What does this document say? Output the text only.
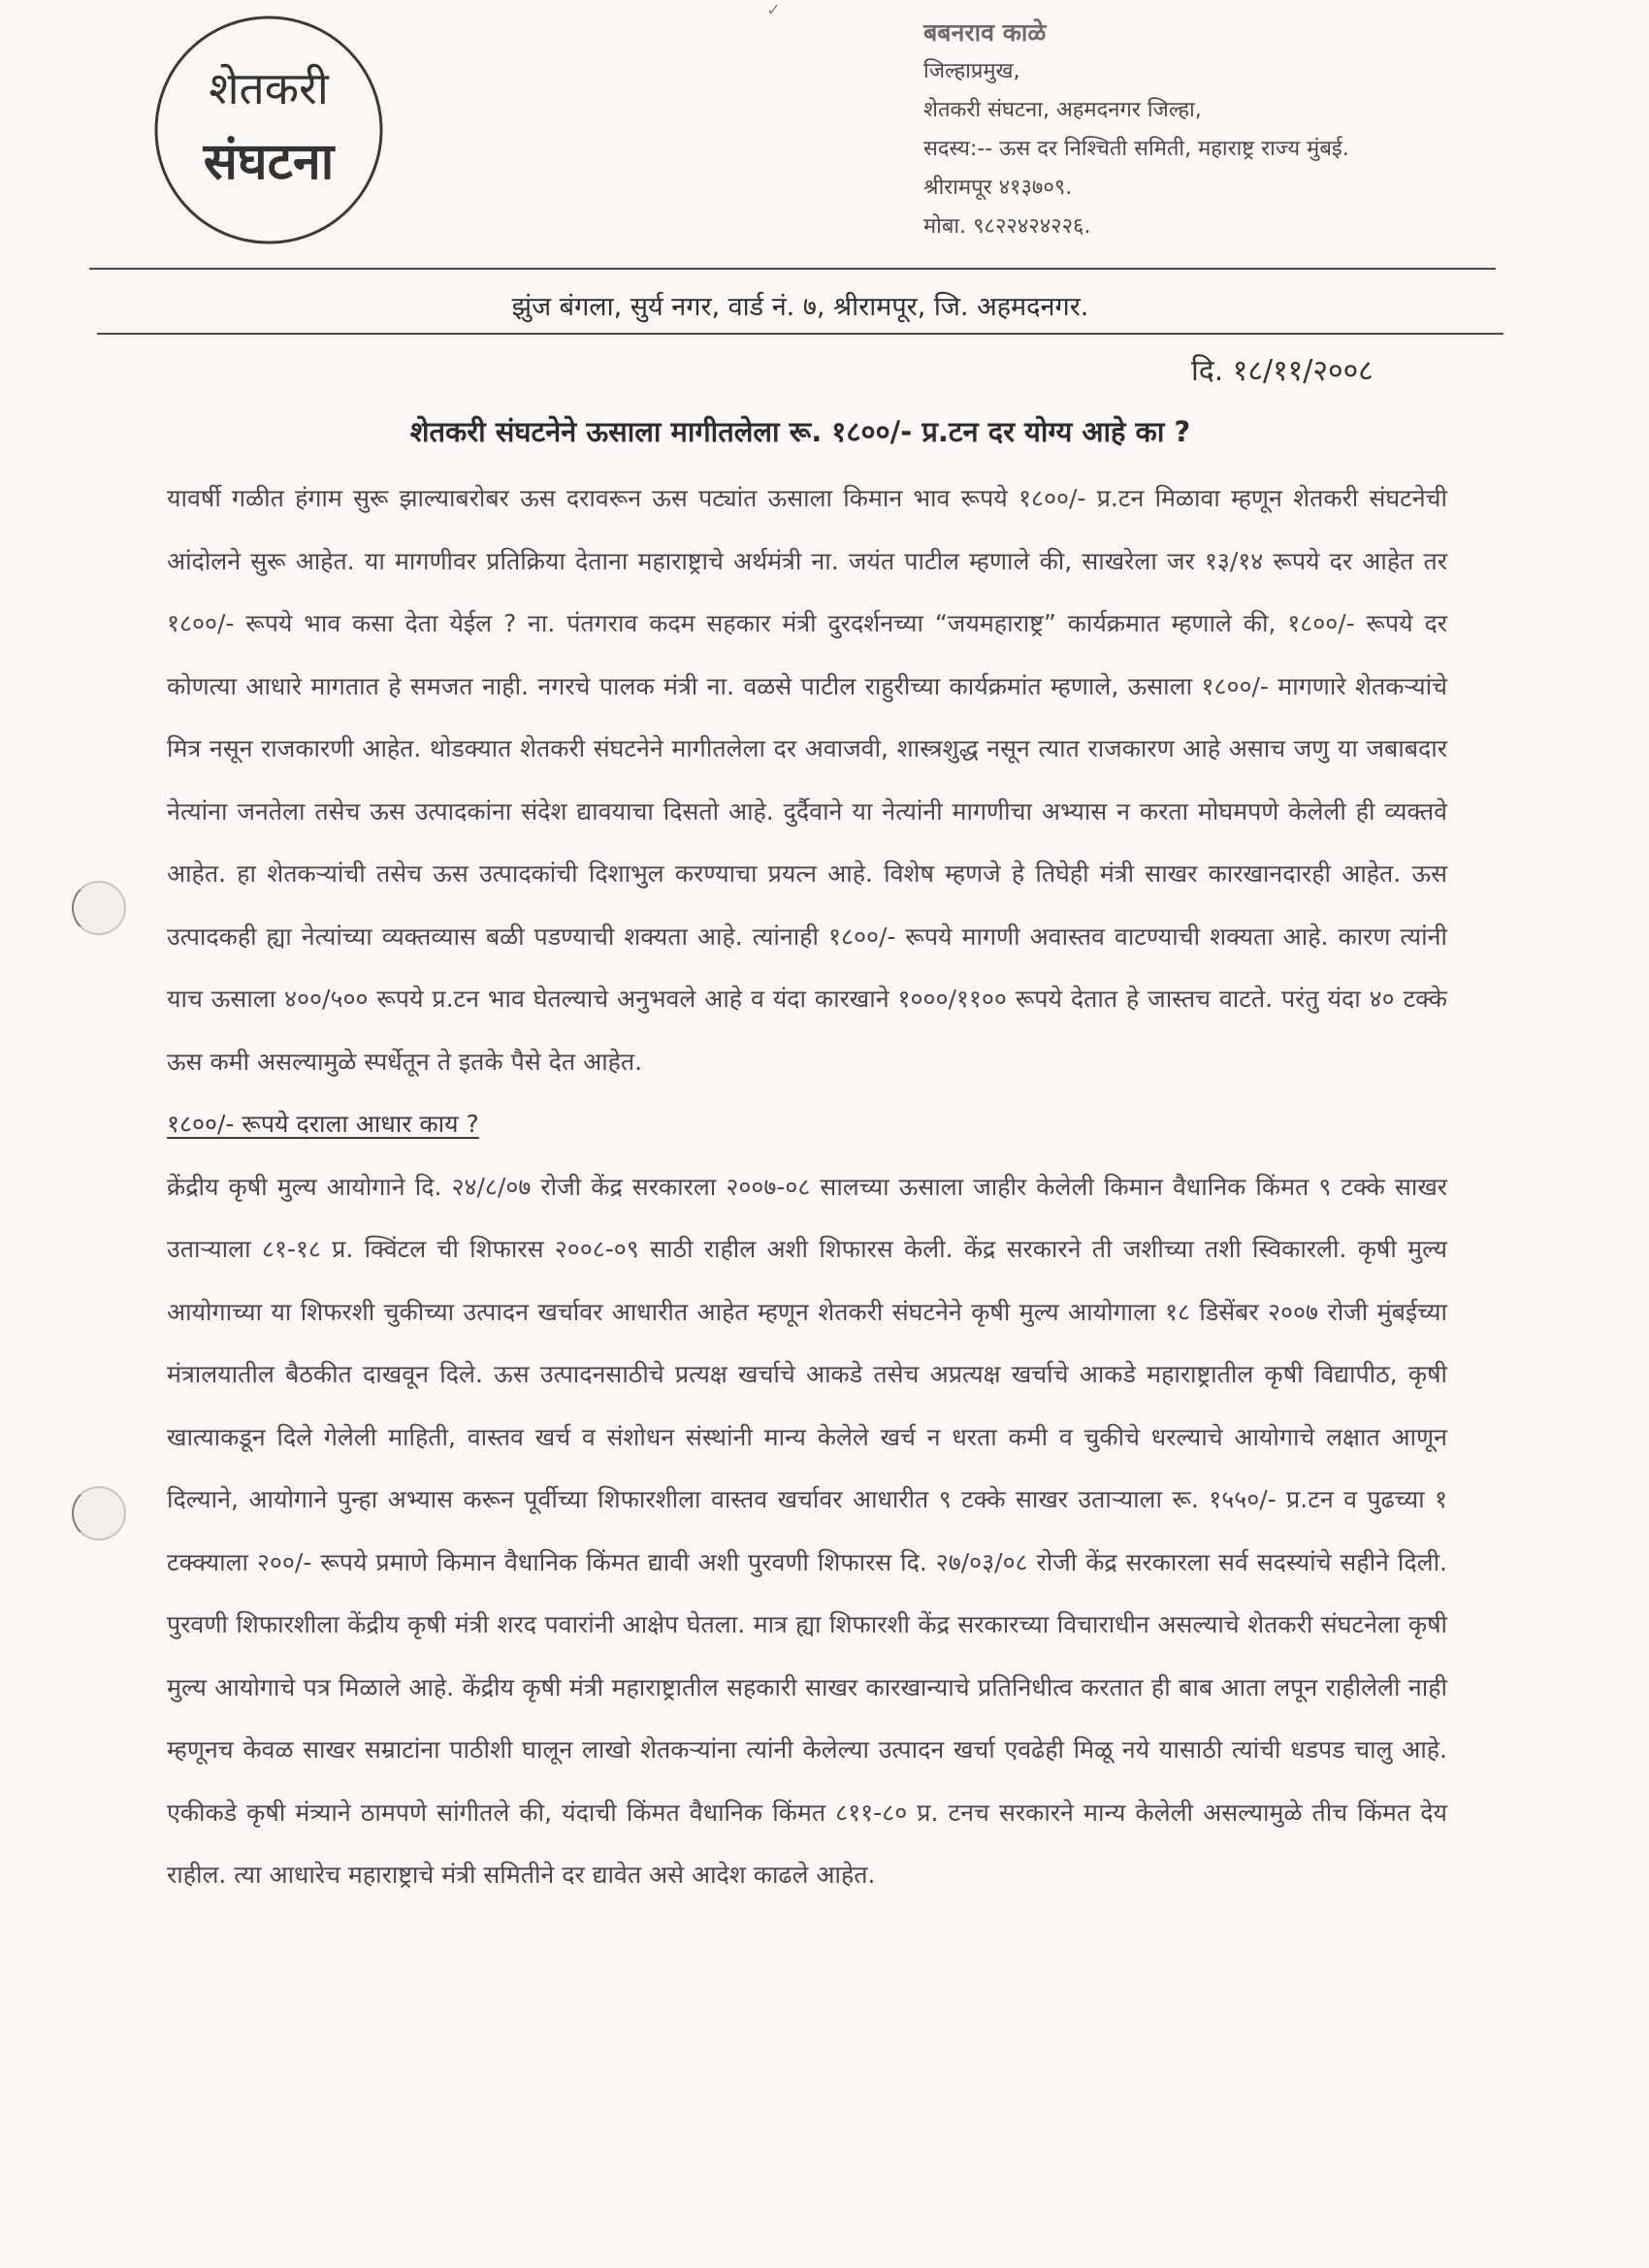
✓
शेतकरी
संघटना
बबनराव काळे
जिल्हाप्रमुख,
शेतकरी संघटना, अहमदनगर जिल्हा,
सदस्य:-- ऊस दर निश्चिती समिती, महाराष्ट्र राज्य मुंबई.
श्रीरामपूर ४१३७०९.
मोबा. ९८२२४२४२२६.
झुंज बंगला, सुर्य नगर, वार्ड नं. ७, श्रीरामपूर, जि. अहमदनगर.
दि. १८/११/२००८
शेतकरी संघटनेने ऊसाला मागीतलेला रू. १८००/- प्र.टन दर योग्य आहे का ?

यावर्षी गळीत हंगाम सुरू झाल्याबरोबर ऊस दरावरून ऊस पट्यांत ऊसाला किमान भाव रूपये १८००/- प्र.टन मिळावा म्हणून शेतकरी संघटनेची आंदोलने सुरू आहेत. या मागणीवर प्रतिक्रिया देताना महाराष्ट्राचे अर्थमंत्री ना. जयंत पाटील म्हणाले की, साखरेला जर १३/१४ रूपये दर आहेत तर १८००/- रूपये भाव कसा देता येईल ? ना. पंतगराव कदम सहकार मंत्री दुरदर्शनच्या “जयमहाराष्ट्र” कार्यक्रमात म्हणाले की, १८००/- रूपये दर कोणत्या आधारे मागतात हे समजत नाही. नगरचे पालक मंत्री ना. वळसे पाटील राहुरीच्या कार्यक्रमांत म्हणाले, ऊसाला १८००/- मागणारे शेतकऱ्यांचे मित्र नसून राजकारणी आहेत. थोडक्यात शेतकरी संघटनेने मागीतलेला दर अवाजवी, शास्त्रशुद्ध नसून त्यात राजकारण आहे असाच जणु या जबाबदार नेत्यांना जनतेला तसेच ऊस उत्पादकांना संदेश द्यावयाचा दिसतो आहे. दुर्दैवाने या नेत्यांनी मागणीचा अभ्यास न करता मोघमपणे केलेली ही व्यक्तवे आहेत. हा शेतकऱ्यांची तसेच ऊस उत्पादकांची दिशाभुल करण्याचा प्रयत्न आहे. विशेष म्हणजे हे तिघेही मंत्री साखर कारखानदारही आहेत. ऊस उत्पादकही ह्या नेत्यांच्या व्यक्तव्यास बळी पडण्याची शक्यता आहे. त्यांनाही १८००/- रूपये मागणी अवास्तव वाटण्याची शक्यता आहे. कारण त्यांनी याच ऊसाला ४००/५०० रूपये प्र.टन भाव घेतल्याचे अनुभवले आहे व यंदा कारखाने १०००/११०० रूपये देतात हे जास्तच वाटते. परंतु यंदा ४० टक्के ऊस कमी असल्यामुळे स्पर्धेतून ते इतके पैसे देत आहेत.

१८००/- रूपये दराला आधार काय ?

क्रेंद्रीय कृषी मुल्य आयोगाने दि. २४/८/०७ रोजी केंद्र सरकारला २००७-०८ सालच्या ऊसाला जाहीर केलेली किमान वैधानिक किंमत ९ टक्के साखर उताऱ्याला ८१-१८ प्र. क्विंटल ची शिफारस २००८-०९ साठी राहील अशी शिफारस केली. केंद्र सरकारने ती जशीच्या तशी स्विकारली. कृषी मुल्य आयोगाच्या या शिफरशी चुकीच्या उत्पादन खर्चावर आधारीत आहेत म्हणून शेतकरी संघटनेने कृषी मुल्य आयोगाला १८ डिसेंबर २००७ रोजी मुंबईच्या मंत्रालयातील बैठकीत दाखवून दिले. ऊस उत्पादनसाठीचे प्रत्यक्ष खर्चाचे आकडे तसेच अप्रत्यक्ष खर्चाचे आकडे महाराष्ट्रातील कृषी विद्यापीठ, कृषी खात्याकडून दिले गेलेली माहिती, वास्तव खर्च व संशोधन संस्थांनी मान्य केलेले खर्च न धरता कमी व चुकीचे धरल्याचे आयोगाचे लक्षात आणून दिल्याने, आयोगाने पुन्हा अभ्यास करून पूर्वीच्या शिफारशीला वास्तव खर्चावर आधारीत ९ टक्के साखर उताऱ्याला रू. १५५०/- प्र.टन व पुढच्या १ टक्क्याला २००/- रूपये प्रमाणे किमान वैधानिक किंमत द्यावी अशी पुरवणी शिफारस दि. २७/०३/०८ रोजी केंद्र सरकारला सर्व सदस्यांचे सहीने दिली. पुरवणी शिफारशीला केंद्रीय कृषी मंत्री शरद पवारांनी आक्षेप घेतला. मात्र ह्या शिफारशी केंद्र सरकारच्या विचाराधीन असल्याचे शेतकरी संघटनेला कृषी मुल्य आयोगाचे पत्र मिळाले आहे. केंद्रीय कृषी मंत्री महाराष्ट्रातील सहकारी साखर कारखान्याचे प्रतिनिधीत्व करतात ही बाब आता लपून राहीलेली नाही म्हणूनच केवळ साखर सम्राटांना पाठीशी घालून लाखो शेतकऱ्यांना त्यांनी केलेल्या उत्पादन खर्चा एवढेही मिळू नये यासाठी त्यांची धडपड चालु आहे. एकीकडे कृषी मंत्र्याने ठामपणे सांगीतले की, यंदाची किंमत वैधानिक किंमत ८११-८० प्र. टनच सरकारने मान्य केलेली असल्यामुळे तीच किंमत देय राहील. त्या आधारेच महाराष्ट्राचे मंत्री समितीने दर द्यावेत असे आदेश काढले आहेत.
